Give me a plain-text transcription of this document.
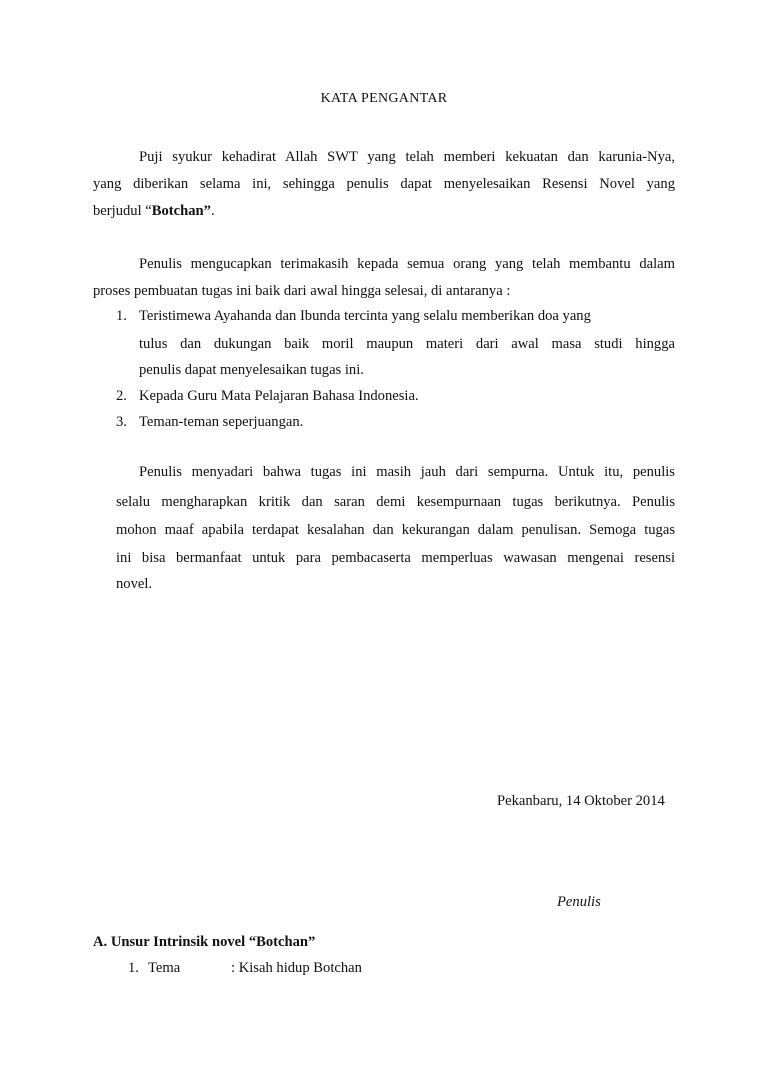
KATA PENGANTAR
Puji syukur kehadirat Allah SWT yang telah memberi kekuatan dan karunia-Nya,
yang diberikan selama ini, sehingga penulis dapat menyelesaikan Resensi Novel yang
berjudul “Botchan”.
Penulis mengucapkan terimakasih kepada semua orang yang telah membantu dalam
proses pembuatan tugas ini baik dari awal hingga selesai, di antaranya :
1. Teristimewa Ayahanda dan Ibunda tercinta yang selalu memberikan doa yang
tulus dan dukungan baik moril maupun materi dari awal masa studi hingga
penulis dapat menyelesaikan tugas ini.
2. Kepada Guru Mata Pelajaran Bahasa Indonesia.
3. Teman-teman seperjuangan.
Penulis menyadari bahwa tugas ini masih jauh dari sempurna. Untuk itu, penulis
selalu mengharapkan kritik dan saran demi kesempurnaan tugas berikutnya. Penulis
mohon maaf apabila terdapat kesalahan dan kekurangan dalam penulisan. Semoga tugas
ini bisa bermanfaat untuk para pembacaserta memperluas wawasan mengenai resensi
novel.
Pekanbaru, 14 Oktober 2014
Penulis
A. Unsur Intrinsik novel “Botchan”
1. Tema	: Kisah hidup Botchan
